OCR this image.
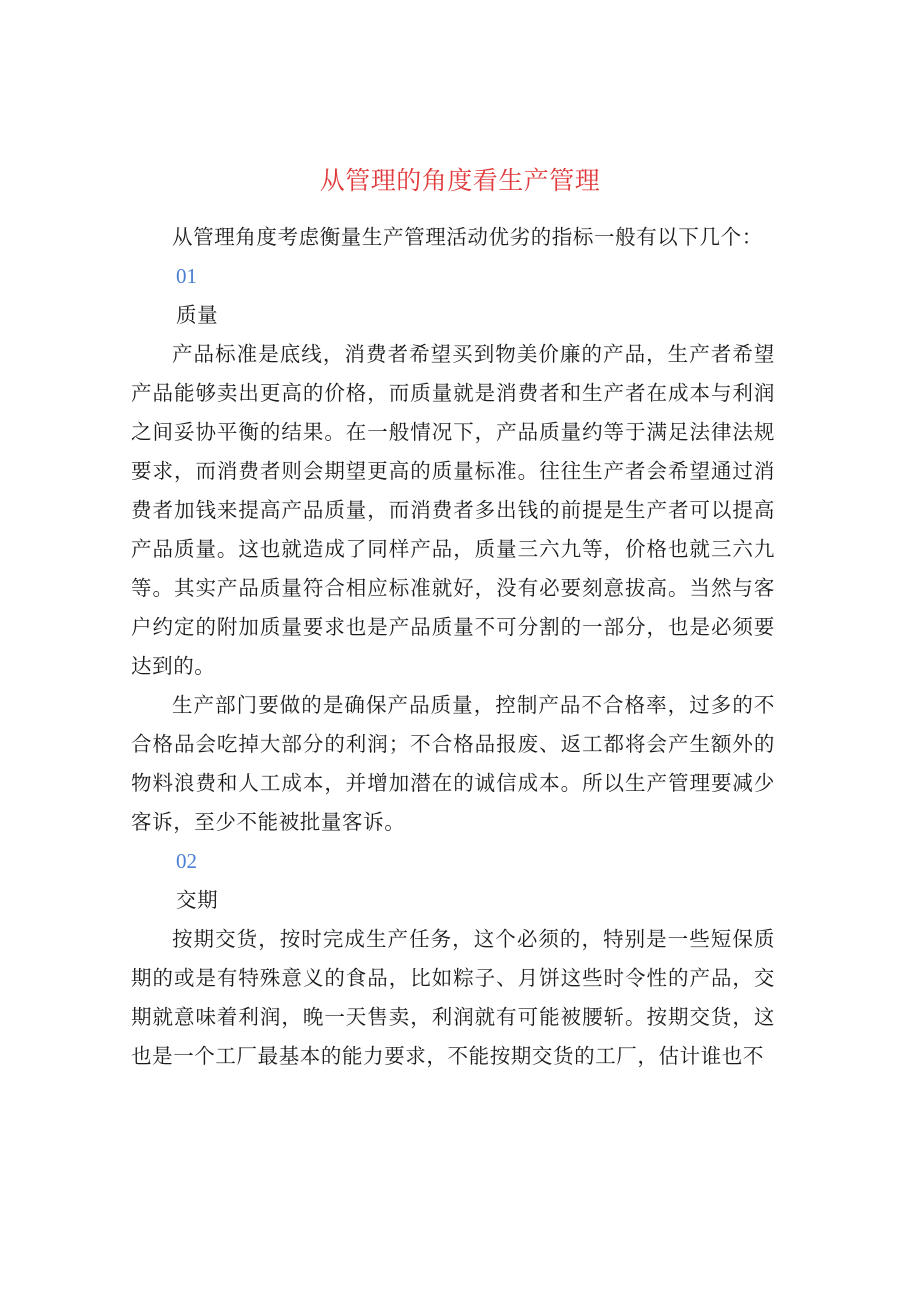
从管理的角度看生产管理

从管理角度考虑衡量生产管理活动优劣的指标一般有以下几个：

01

质量

产品标准是底线，消费者希望买到物美价廉的产品，生产者希望产品能够卖出更高的价格，而质量就是消费者和生产者在成本与利润之间妥协平衡的结果。在一般情况下，产品质量约等于满足法律法规要求，而消费者则会期望更高的质量标准。往往生产者会希望通过消费者加钱来提高产品质量，而消费者多出钱的前提是生产者可以提高产品质量。这也就造成了同样产品，质量三六九等，价格也就三六九等。其实产品质量符合相应标准就好，没有必要刻意拔高。当然与客户约定的附加质量要求也是产品质量不可分割的一部分，也是必须要达到的。

生产部门要做的是确保产品质量，控制产品不合格率，过多的不合格品会吃掉大部分的利润；不合格品报废、返工都将会产生额外的物料浪费和人工成本，并增加潜在的诚信成本。所以生产管理要减少客诉，至少不能被批量客诉。

02

交期

按期交货，按时完成生产任务，这个必须的，特别是一些短保质期的或是有特殊意义的食品，比如粽子、月饼这些时令性的产品，交期就意味着利润，晚一天售卖，利润就有可能被腰斩。按期交货，这也是一个工厂最基本的能力要求，不能按期交货的工厂，估计谁也不
